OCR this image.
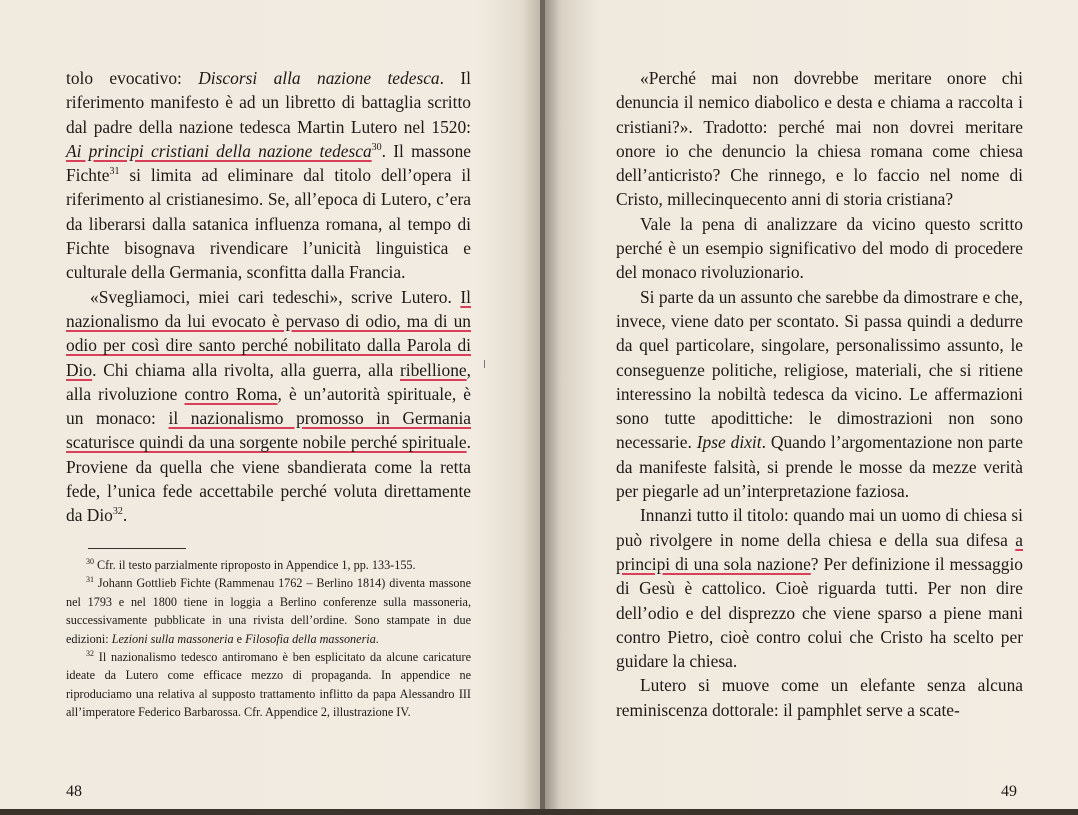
tolo evocativo: Discorsi alla nazione tedesca. Il riferimento manifesto è ad un libretto di battaglia scritto dal padre della nazione tedesca Martin Lutero nel 1520: Ai principi cristiani della nazione tedesca$^{30}$. Il massone Fichte$^{31}$ si limita ad eliminare dal titolo dell’opera il riferimento al cristianesimo. Se, all’epoca di Lutero, c’era da liberarsi dalla satanica influenza romana, al tempo di Fichte bisognava rivendicare l’unicità linguistica e culturale della Germania, sconfitta dalla Francia.

«Svegliamoci, miei cari tedeschi», scrive Lutero. Il nazionalismo da lui evocato è pervaso di odio, ma di un odio per così dire santo perché nobilitato dalla Parola di Dio. Chi chiama alla rivolta, alla guerra, alla ribellione, alla rivoluzione contro Roma, è un’autorità spirituale, è un monaco: il nazionalismo promosso in Germania scaturisce quindi da una sorgente nobile perché spirituale. Proviene da quella che viene sbandierata come la retta fede, l’unica fede accettabile perché voluta direttamente da Dio$^{32}$.

$^{30}$ Cfr. il testo parzialmente riproposto in Appendice 1, pp. 133-155.

$^{31}$ Johann Gottlieb Fichte (Rammenau 1762 – Berlino 1814) diventa massone nel 1793 e nel 1800 tiene in loggia a Berlino conferenze sulla massoneria, successivamente pubblicate in una rivista dell’ordine. Sono stampate in due edizioni: Lezioni sulla massoneria e Filosofia della massoneria.

$^{32}$ Il nazionalismo tedesco antiromano è ben esplicitato da alcune caricature ideate da Lutero come efficace mezzo di propaganda. In appendice ne riproduciamo una relativa al supposto trattamento inflitto da papa Alessandro III all’imperatore Federico Barbarossa. Cfr. Appendice 2, illustrazione IV.

48

«Perché mai non dovrebbe meritare onore chi denuncia il nemico diabolico e desta e chiama a raccolta i cristiani?». Tradotto: perché mai non dovrei meritare onore io che denuncio la chiesa romana come chiesa dell’anticristo? Che rinnego, e lo faccio nel nome di Cristo, millecinquecento anni di storia cristiana?

Vale la pena di analizzare da vicino questo scritto perché è un esempio significativo del modo di procedere del monaco rivoluzionario.

Si parte da un assunto che sarebbe da dimostrare e che, invece, viene dato per scontato. Si passa quindi a dedurre da quel particolare, singolare, personalissimo assunto, le conseguenze politiche, religiose, materiali, che si ritiene interessino la nobiltà tedesca da vicino. Le affermazioni sono tutte apodittiche: le dimostrazioni non sono necessarie. Ipse dixit. Quando l’argomentazione non parte da manifeste falsità, si prende le mosse da mezze verità per piegarle ad un’interpretazione faziosa.

Innanzi tutto il titolo: quando mai un uomo di chiesa si può rivolgere in nome della chiesa e della sua difesa a principi di una sola nazione? Per definizione il messaggio di Gesù è cattolico. Cioè riguarda tutti. Per non dire dell’odio e del disprezzo che viene sparso a piene mani contro Pietro, cioè contro colui che Cristo ha scelto per guidare la chiesa.

Lutero si muove come un elefante senza alcuna reminiscenza dottorale: il pamphlet serve a scate-

49
